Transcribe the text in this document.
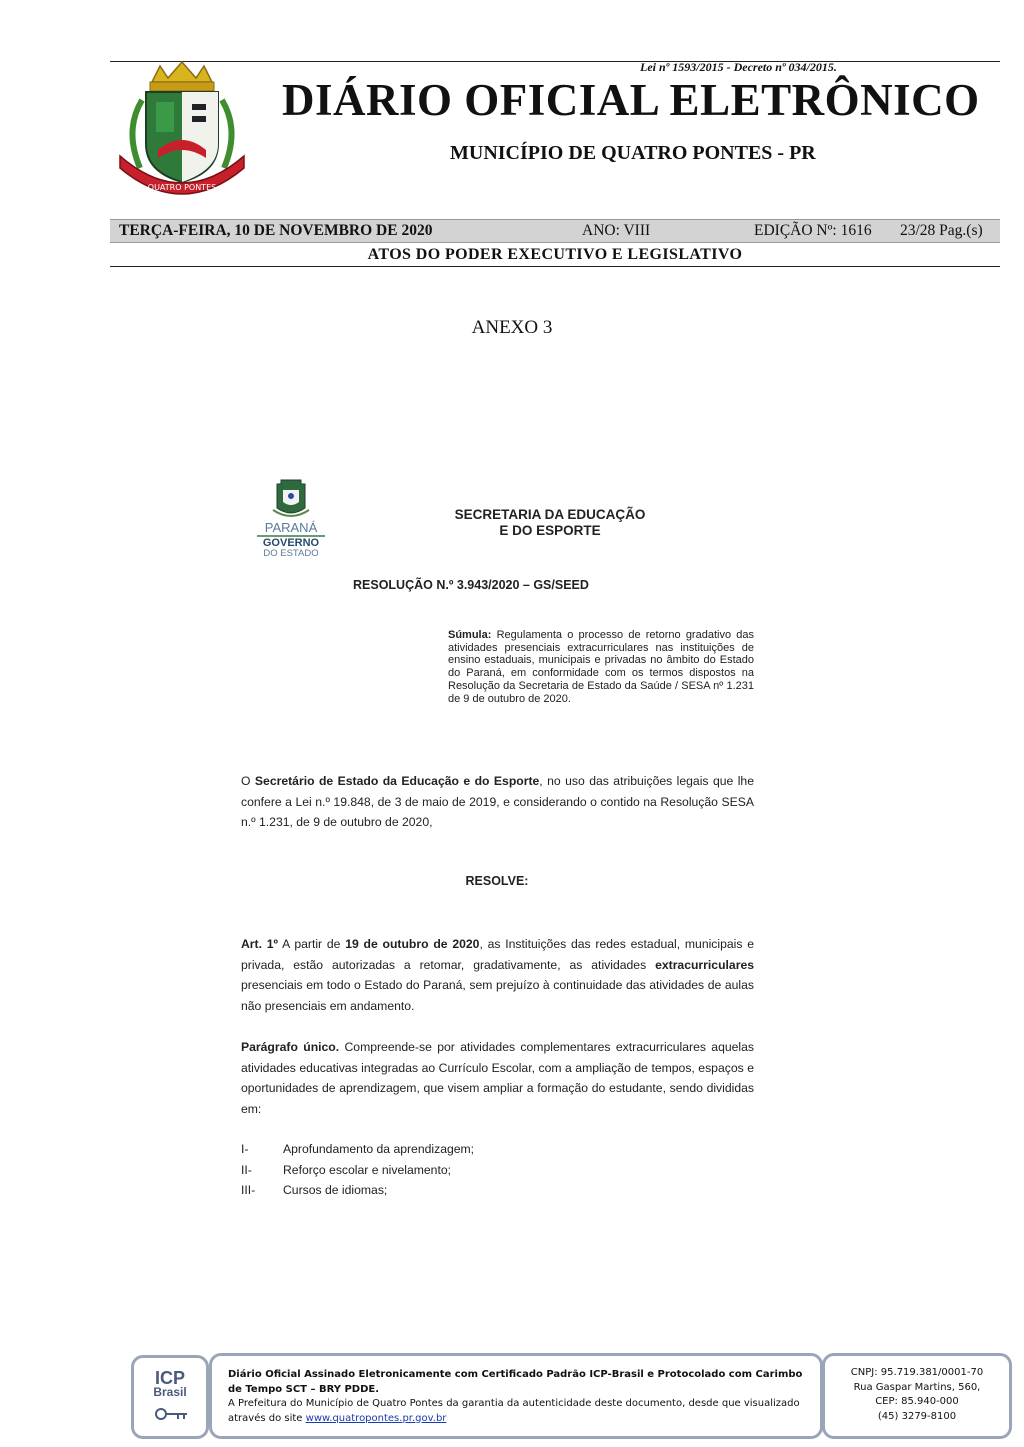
Lei nº 1593/2015 - Decreto nº 034/2015.
QUATRO PONTES
DIÁRIO OFICIAL ELETRÔNICO
MUNICÍPIO DE QUATRO PONTES - PR
TERÇA-FEIRA, 10 DE NOVEMBRO DE 2020	ANO: VIII	EDIÇÃO Nº: 1616 23/28 Pag.(s)
ATOS DO PODER EXECUTIVO E LEGISLATIVO
ANEXO 3
PARANÁ
GOVERNO
DO ESTADO
SECRETARIA DA EDUCAÇÃO
E DO ESPORTE
RESOLUÇÃO N.º 3.943/2020 – GS/SEED
Súmula: Regulamenta o processo de retorno gradativo das atividades presenciais extracurriculares nas instituições de ensino estaduais, municipais e privadas no âmbito do Estado do Paraná, em conformidade com os termos dispostos na Resolução da Secretaria de Estado da Saúde / SESA nº 1.231 de 9 de outubro de 2020.
O Secretário de Estado da Educação e do Esporte, no uso das atribuições legais que lhe confere a Lei n.º 19.848, de 3 de maio de 2019, e considerando o contido na Resolução SESA n.º 1.231, de 9 de outubro de 2020,
RESOLVE:
Art. 1º A partir de 19 de outubro de 2020, as Instituições das redes estadual, municipais e privada, estão autorizadas a retomar, gradativamente, as atividades extracurriculares presenciais em todo o Estado do Paraná, sem prejuízo à continuidade das atividades de aulas não presenciais em andamento.
Parágrafo único. Compreende-se por atividades complementares extracurriculares aquelas atividades educativas integradas ao Currículo Escolar, com a ampliação de tempos, espaços e oportunidades de aprendizagem, que visem ampliar a formação do estudante, sendo divididas em:
I-	Aprofundamento da aprendizagem;
II-	Reforço escolar e nivelamento;
III- Cursos de idiomas;
ICP
Brasil
Diário Oficial Assinado Eletronicamente com Certificado Padrão ICP-Brasil e Protocolado com Carimbo de Tempo SCT – BRY PDDE.
A Prefeitura do Município de Quatro Pontes da garantia da autenticidade deste documento, desde que visualizado através do site www.quatropontes.pr.gov.br
CNPJ: 95.719.381/0001-70
Rua Gaspar Martins, 560,
CEP: 85.940-000
(45) 3279-8100
